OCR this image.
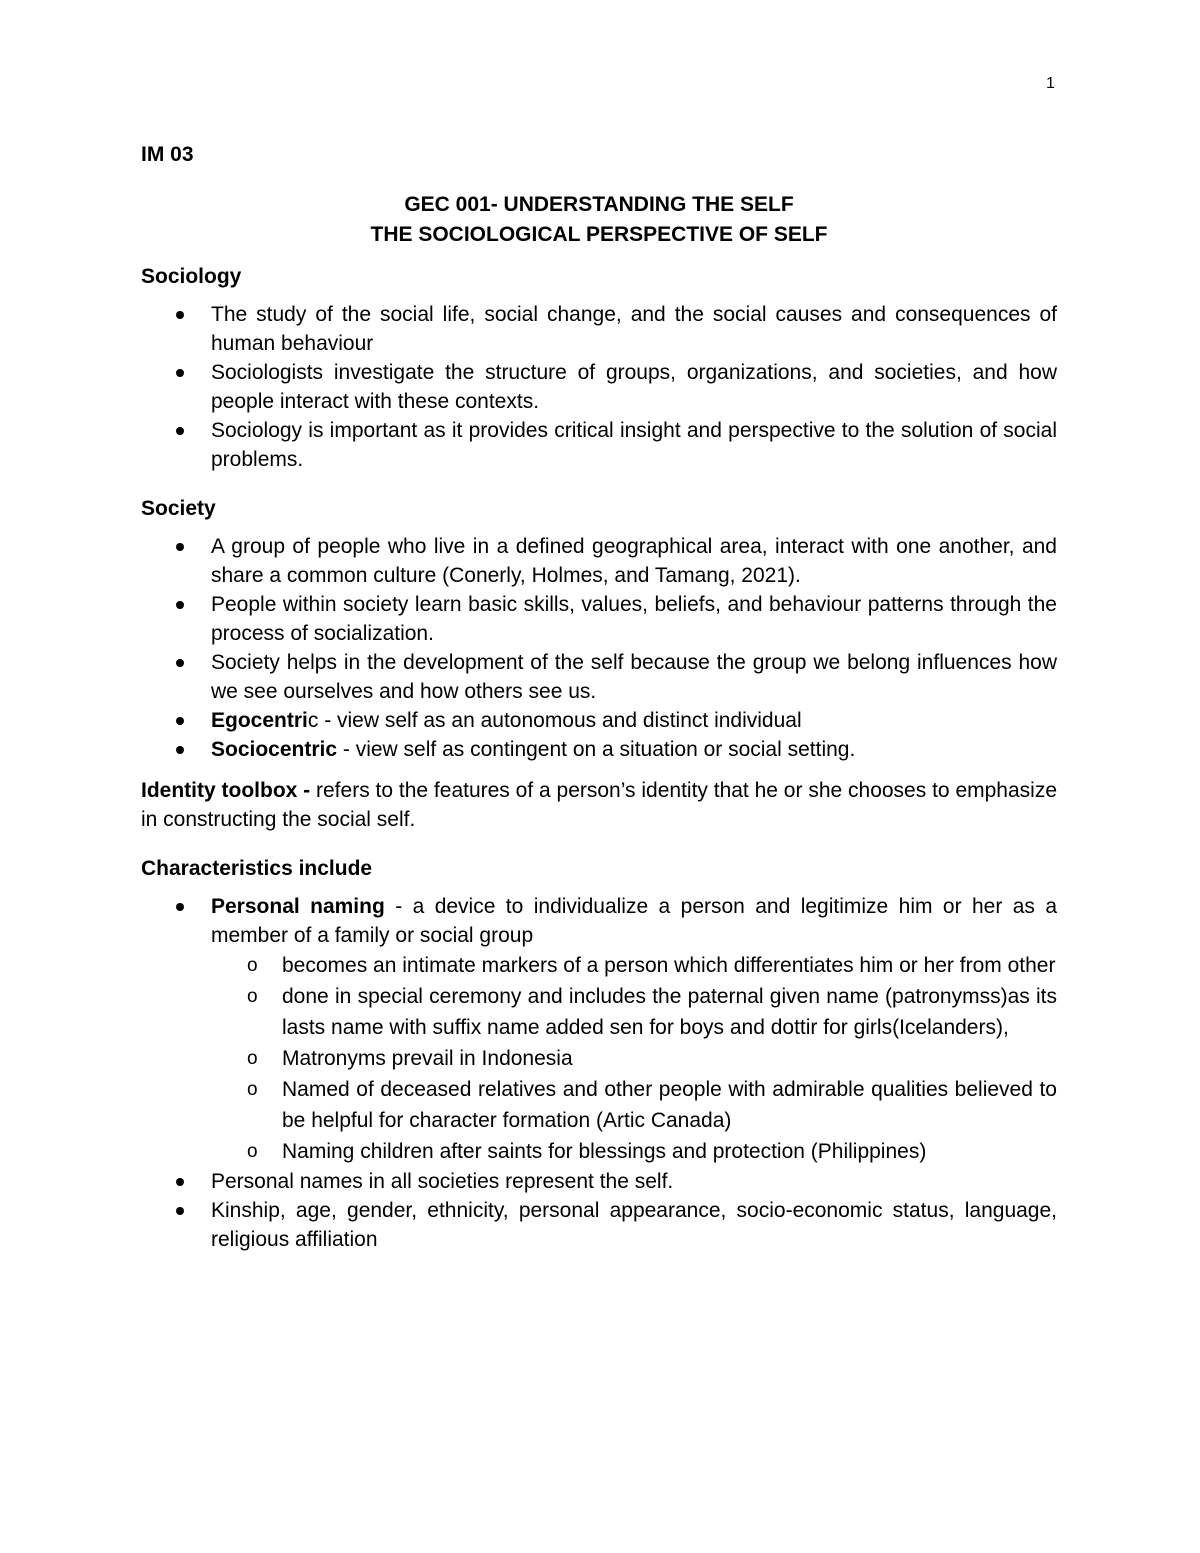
1

IM 03

GEC 001- UNDERSTANDING THE SELF
THE SOCIOLOGICAL PERSPECTIVE OF SELF
Sociology
The study of the social life, social change, and the social causes and consequences of human behaviour
Sociologists investigate the structure of groups, organizations, and societies, and how people interact with these contexts.
Sociology is important as it provides critical insight and perspective to the solution of social problems.
Society
A group of people who live in a defined geographical area, interact with one another, and share a common culture (Conerly, Holmes, and Tamang, 2021).
People within society learn basic skills, values, beliefs, and behaviour patterns through the process of socialization.
Society helps in the development of the self because the group we belong influences how we see ourselves and how others see us.
Egocentric - view self as an autonomous and distinct individual
Sociocentric - view self as contingent on a situation or social setting.

Identity toolbox - refers to the features of a person’s identity that he or she chooses to emphasize in constructing the social self.

Characteristics include
Personal naming - a device to individualize a person and legitimize him or her as a member of a family or social group
o becomes an intimate markers of a person which differentiates him or her from other
o done in special ceremony and includes the paternal given name (patronymss)as its lasts name with suffix name added sen for boys and dottir for girls(Icelanders),
o Matronyms prevail in Indonesia
o Named of deceased relatives and other people with admirable qualities believed to be helpful for character formation (Artic Canada)
o Naming children after saints for blessings and protection (Philippines)
Personal names in all societies represent the self.
Kinship, age, gender, ethnicity, personal appearance, socio-economic status, language, religious affiliation
